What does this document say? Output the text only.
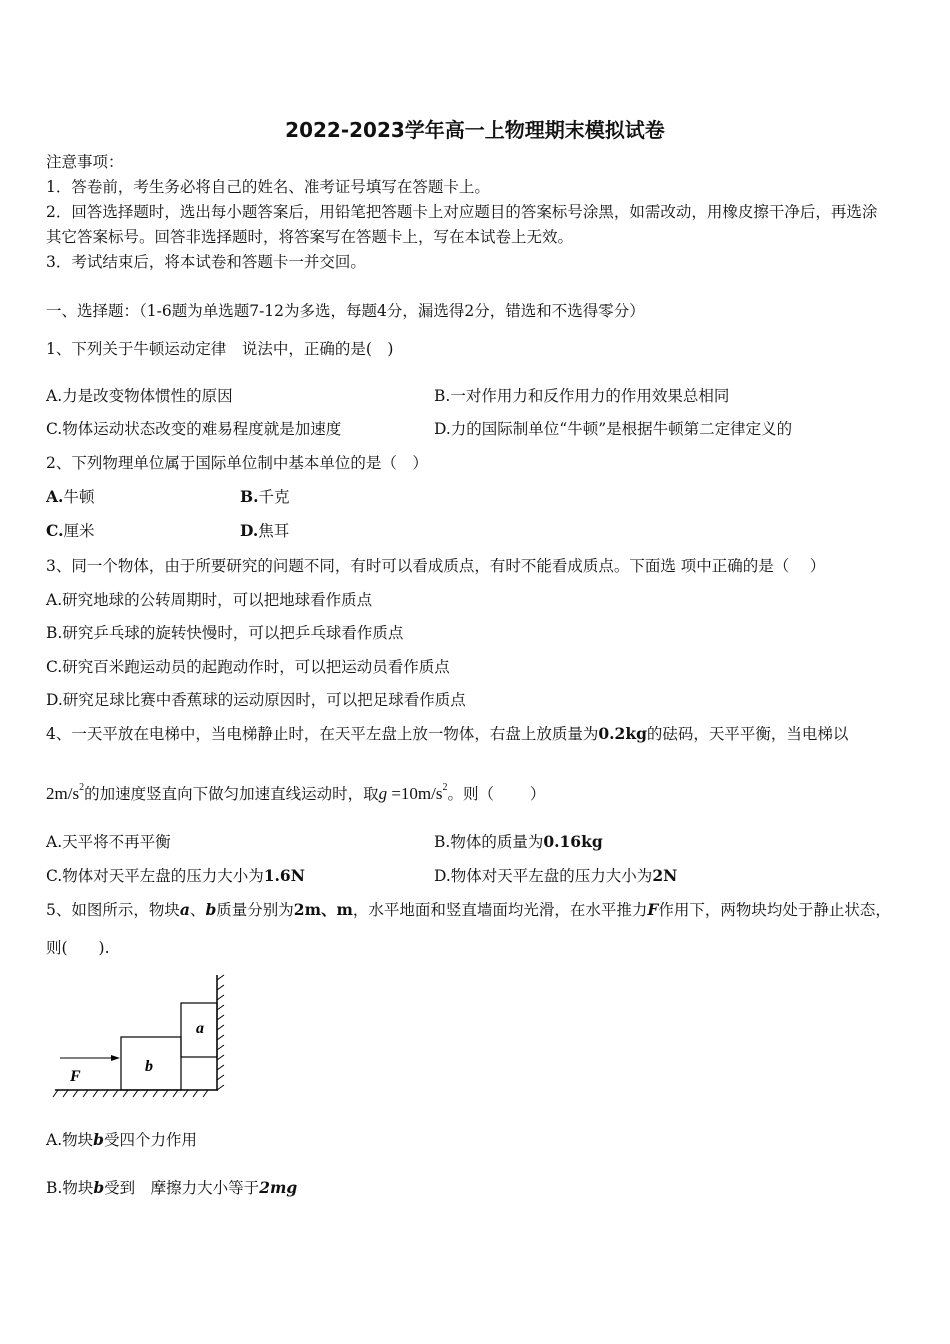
2022-2023学年高一上物理期末模拟试卷
注意事项：
1．答卷前，考生务必将自己的姓名、准考证号填写在答题卡上。
2．回答选择题时，选出每小题答案后，用铅笔把答题卡上对应题目的答案标号涂黑，如需改动，用橡皮擦干净后，再选涂
其它答案标号。回答非选择题时，将答案写在答题卡上，写在本试卷上无效。
3．考试结束后，将本试卷和答题卡一并交回。
一、选择题：（1-6题为单选题7-12为多选，每题4分，漏选得2分，错选和不选得零分）
1、下列关于牛顿运动定律　说法中，正确的是(　)
A.力是改变物体惯性的原因	B.一对作用力和反作用力的作用效果总相同
C.物体运动状态改变的难易程度就是加速度	D.力的国际制单位“牛顿”是根据牛顿第二定律定义的
2、下列物理单位属于国际单位制中基本单位的是（　）
A.牛顿	B.千克
C.厘米	D.焦耳
3、同一个物体，由于所要研究的问题不同，有时可以看成质点，有时不能看成质点。下面选 项中正确的是（　 ）
A.研究地球的公转周期时，可以把地球看作质点
B.研究乒乓球的旋转快慢时，可以把乒乓球看作质点
C.研究百米跑运动员的起跑动作时，可以把运动员看作质点
D.研究足球比赛中香蕉球的运动原因时，可以把足球看作质点
4、一天平放在电梯中，当电梯静止时，在天平左盘上放一物体，右盘上放质量为0.2kg的砝码，天平平衡，当电梯以
$2m/s^2$的加速度竖直向下做匀加速直线运动时，取$g =10m/s^2$。则（　　 ）
A.天平将不再平衡	B.物体的质量为0.16kg
C.物体对天平左盘的压力大小为1.6N	D.物体对天平左盘的压力大小为2N
5、如图所示，物块a、b质量分别为2m、m，水平地面和竖直墙面均光滑，在水平推力F作用下，两物块均处于静止状态，
则(　　).
a
b
F
A.物块b受四个力作用
B.物块b受到　摩擦力大小等于2mg
